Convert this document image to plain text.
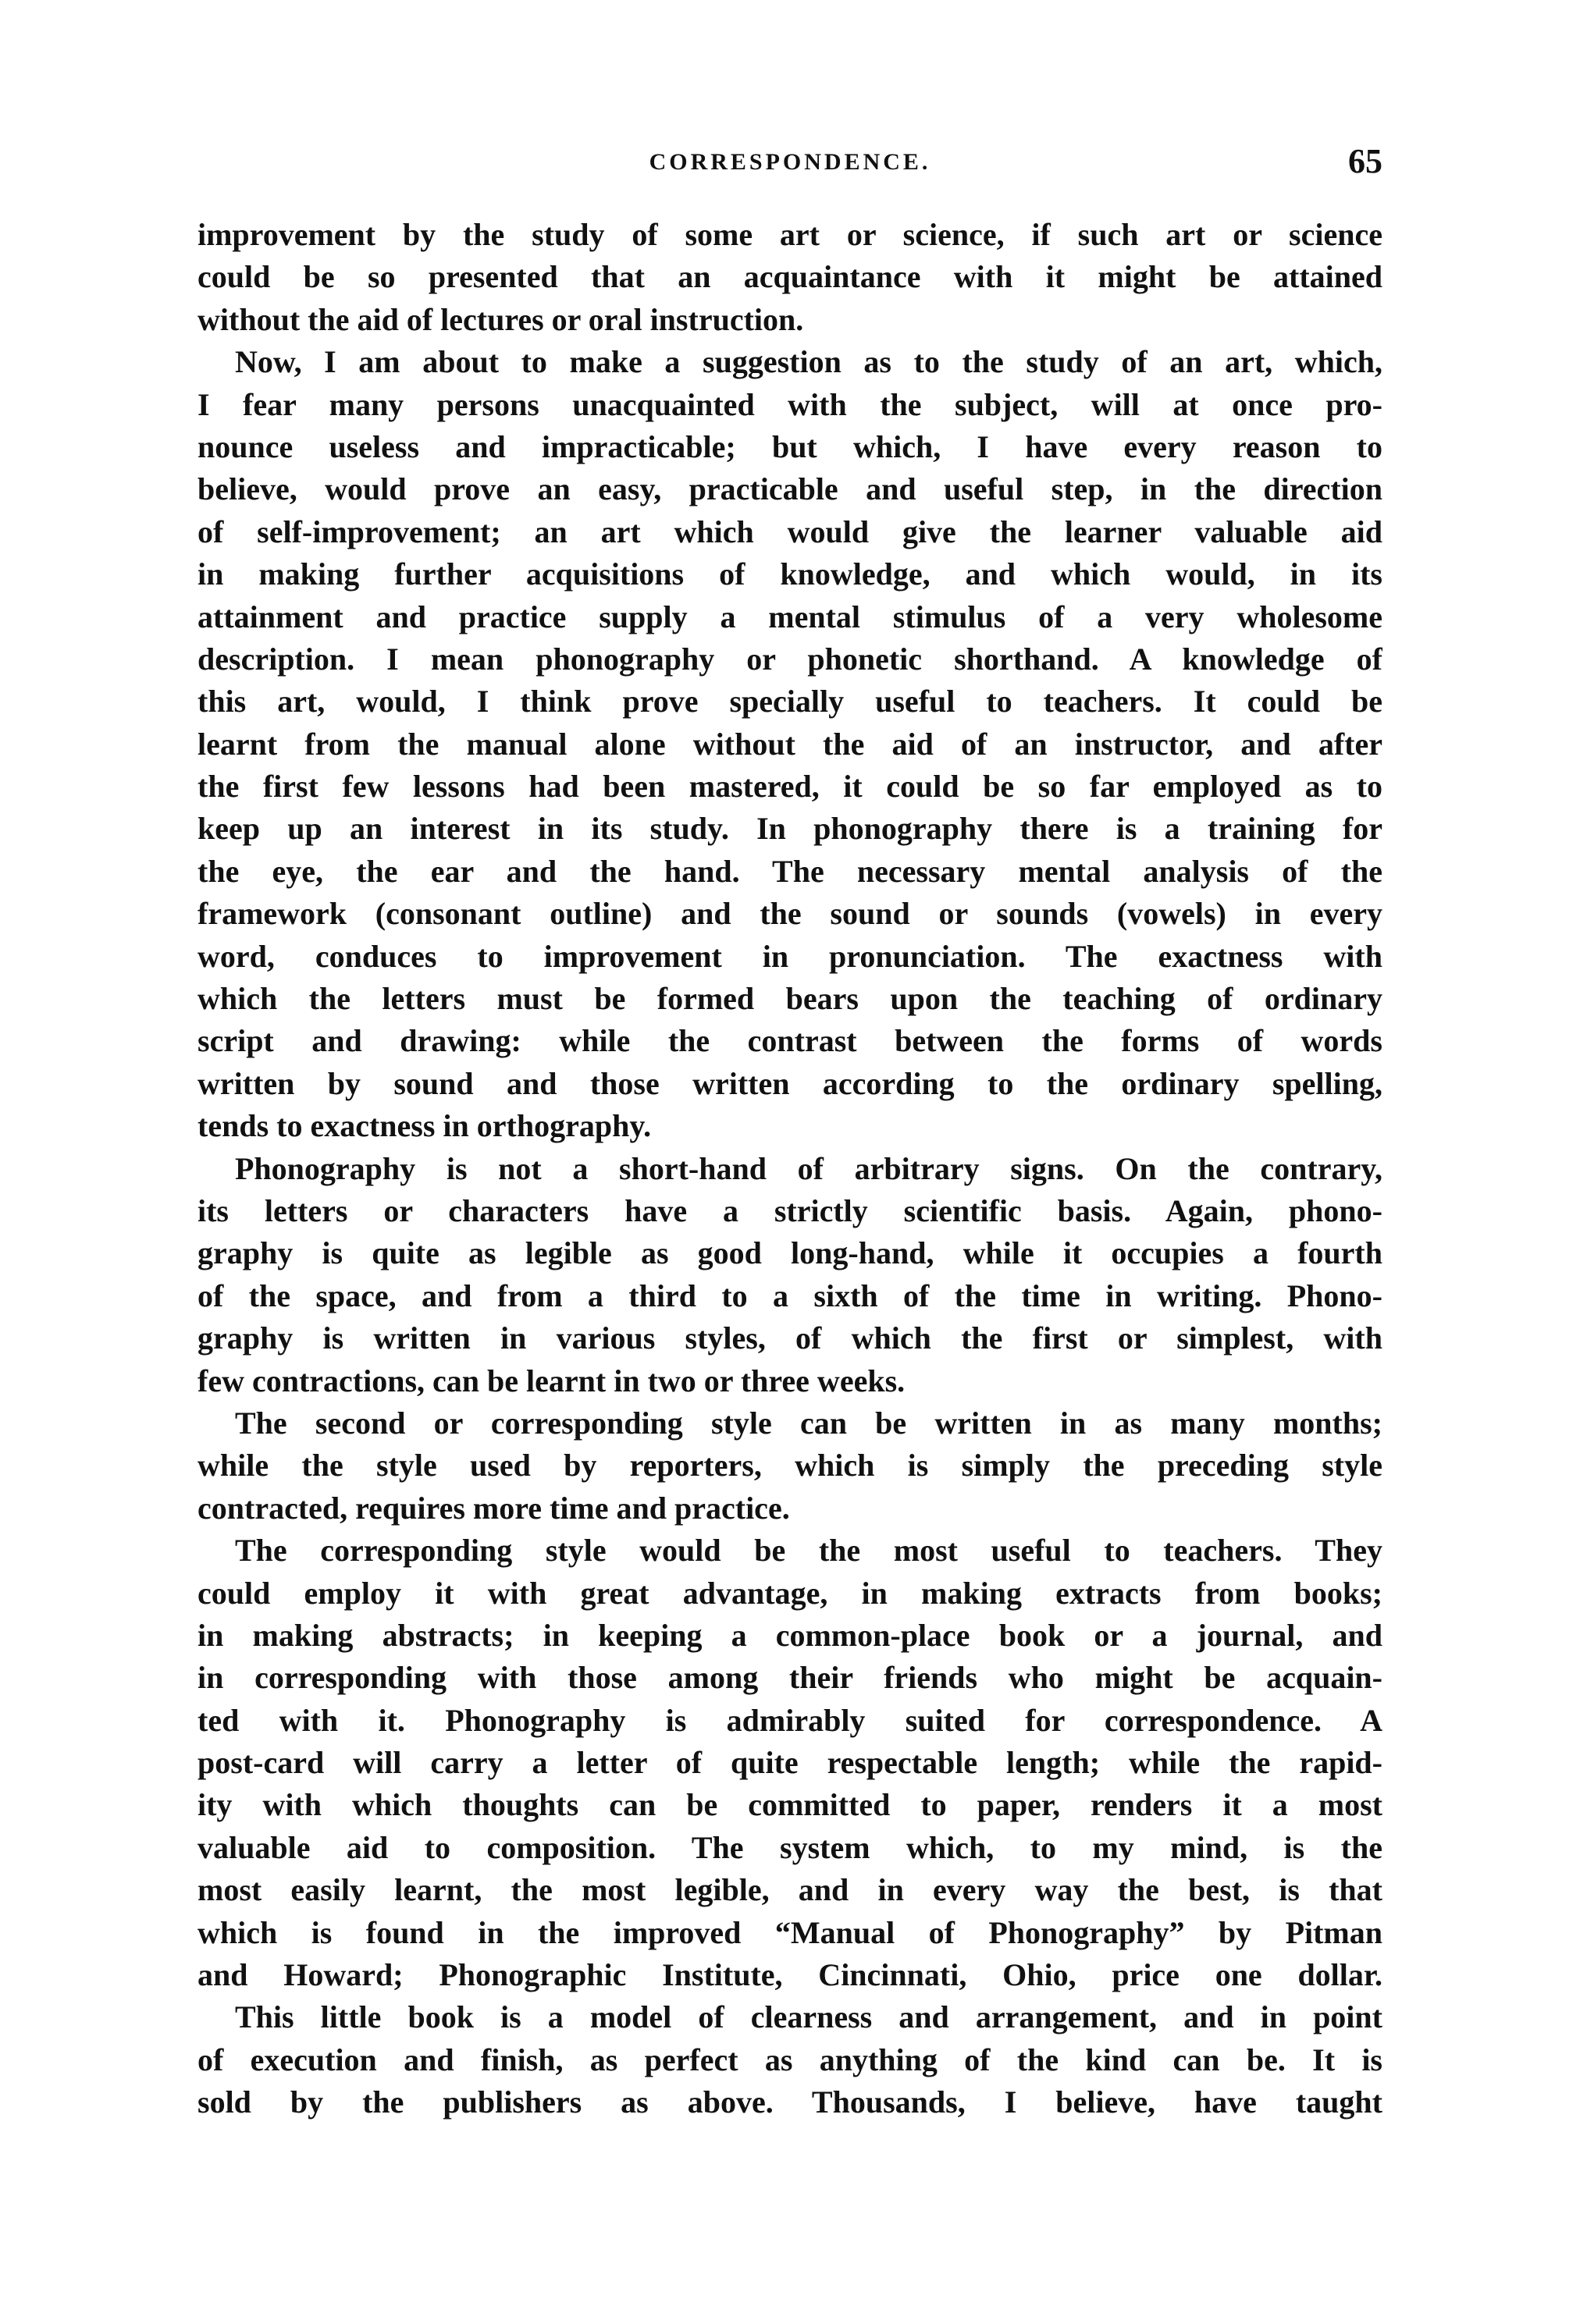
CORRESPONDENCE.	65
improvement by the study of some art or science, if such art or science
could be so presented that an acquaintance with it might be attained
without the aid of lectures or oral instruction.
Now, I am about to make a suggestion as to the study of an art, which,
I fear many persons unacquainted with the subject, will at once pro-
nounce useless and impracticable; but which, I have every reason to
believe, would prove an easy, practicable and useful step, in the direction
of self-improvement; an art which would give the learner valuable aid
in making further acquisitions of knowledge, and which would, in its
attainment and practice supply a mental stimulus of a very wholesome
description. I mean phonography or phonetic shorthand. A knowledge of
this art, would, I think prove specially useful to teachers. It could be
learnt from the manual alone without the aid of an instructor, and after
the first few lessons had been mastered, it could be so far employed as to
keep up an interest in its study. In phonography there is a training for
the eye, the ear and the hand. The necessary mental analysis of the
framework (consonant outline) and the sound or sounds (vowels) in every
word, conduces to improvement in pronunciation. The exactness with
which the letters must be formed bears upon the teaching of ordinary
script and drawing: while the contrast between the forms of words
written by sound and those written according to the ordinary spelling,
tends to exactness in orthography.
Phonography is not a short-hand of arbitrary signs. On the contrary,
its letters or characters have a strictly scientific basis. Again, phono-
graphy is quite as legible as good long-hand, while it occupies a fourth
of the space, and from a third to a sixth of the time in writing. Phono-
graphy is written in various styles, of which the first or simplest, with
few contractions, can be learnt in two or three weeks.
The second or corresponding style can be written in as many months;
while the style used by reporters, which is simply the preceding style
contracted, requires more time and practice.
The corresponding style would be the most useful to teachers. They
could employ it with great advantage, in making extracts from books;
in making abstracts; in keeping a common-place book or a journal, and
in corresponding with those among their friends who might be acquain-
ted with it. Phonography is admirably suited for correspondence. A
post-card will carry a letter of quite respectable length; while the rapid-
ity with which thoughts can be committed to paper, renders it a most
valuable aid to composition. The system which, to my mind, is the
most easily learnt, the most legible, and in every way the best, is that
which is found in the improved “Manual of Phonography” by Pitman
and Howard; Phonographic Institute, Cincinnati, Ohio, price one dollar.
This little book is a model of clearness and arrangement, and in point
of execution and finish, as perfect as anything of the kind can be. It is
sold by the publishers as above. Thousands, I believe, have taught
